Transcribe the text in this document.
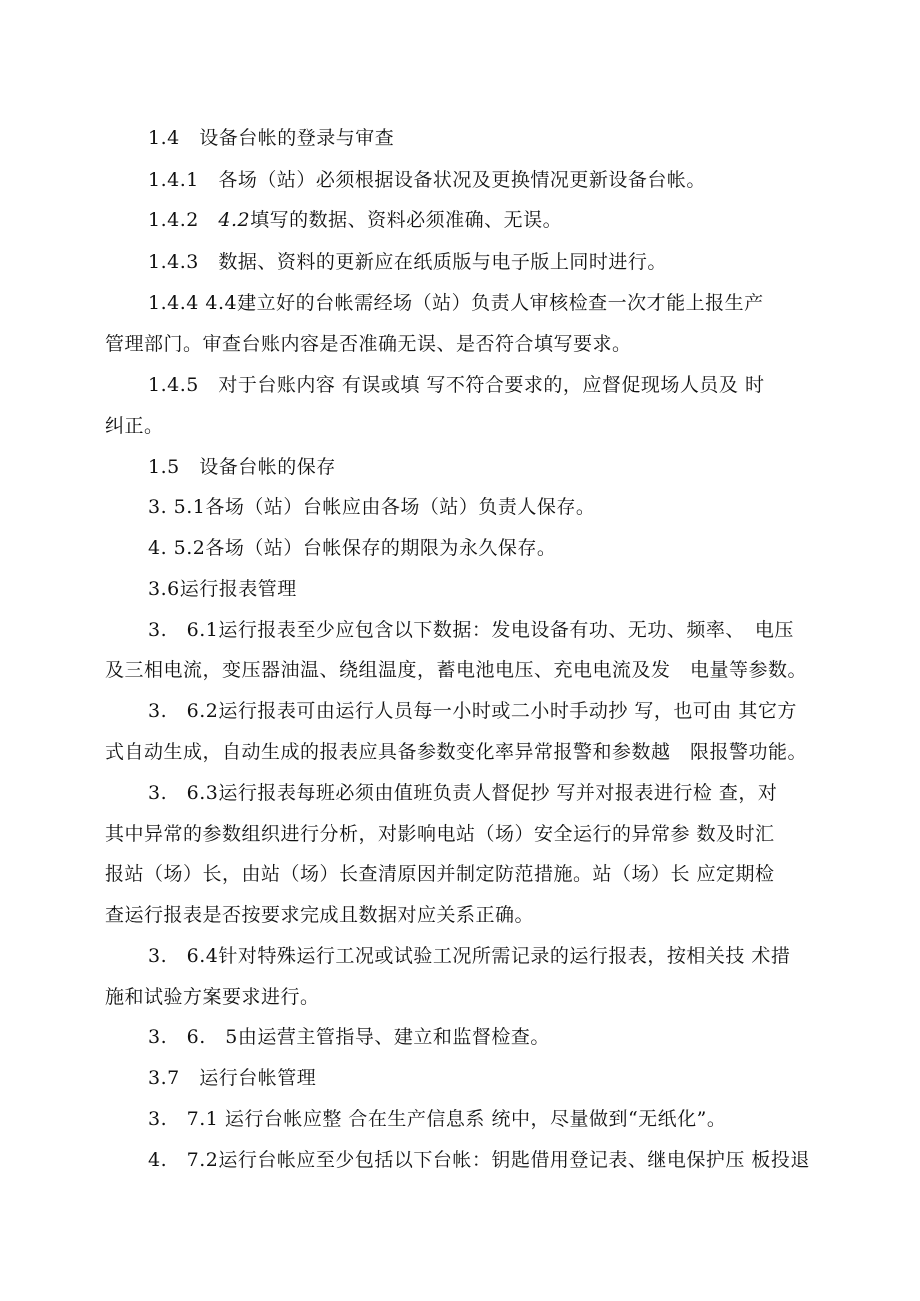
1.4　设备台帐的登录与审查
1.4.1　各场（站）必须根据设备状况及更换情况更新设备台帐。
1.4.2　4.2填写的数据、资料必须准确、无误。
1.4.3　数据、资料的更新应在纸质版与电子版上同时进行。
1.4.4 4.4建立好的台帐需经场（站）负责人审核检查一次才能上报生产
管理部门。审查台账内容是否准确无误、是否符合填写要求。
1.4.5　对于台账内容 有误或填 写不符合要求的，应督促现场人员及 时
纠正。
1.5　设备台帐的保存
3. 5.1各场（站）台帐应由各场（站）负责人保存。
4. 5.2各场（站）台帐保存的期限为永久保存。
3.6运行报表管理
3.　6.1运行报表至少应包含以下数据：发电设备有功、无功、频率、　电压
及三相电流，变压器油温、绕组温度，蓄电池电压、充电电流及发　电量等参数。
3.　6.2运行报表可由运行人员每一小时或二小时手动抄 写，也可由 其它方
式自动生成，自动生成的报表应具备参数变化率异常报警和参数越　限报警功能。
3.　6.3运行报表每班必须由值班负责人督促抄 写并对报表进行检 查，对
其中异常的参数组织进行分析，对影响电站（场）安全运行的异常参 数及时汇
报站（场）长，由站（场）长查清原因并制定防范措施。站（场）长 应定期检
查运行报表是否按要求完成且数据对应关系正确。
3.　6.4针对特殊运行工况或试验工况所需记录的运行报表，按相关技 术措
施和试验方案要求进行。
3.　6.　5由运营主管指导、建立和监督检查。
3.7　运行台帐管理
3.　7.1 运行台帐应整 合在生产信息系 统中，尽量做到“无纸化”。
4.　7.2运行台帐应至少包括以下台帐：钥匙借用登记表、继电保护压 板投退
